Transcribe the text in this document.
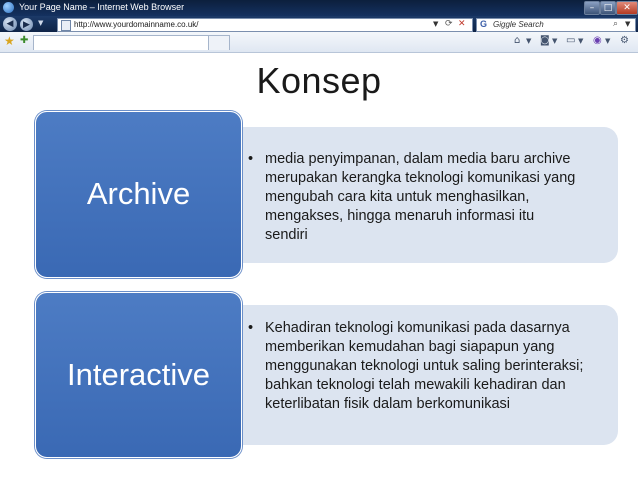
Your Page Name – Internet Web Browser	–	□	✕
◀	▶	▼	http://www.yourdomainname.co.uk/	▼ ⟳ ✕ G Giggle Search	⌕ ▼
★ ✚	⌂ ▼ ◙ ▼ ▭ ▼ ◉ ▼ ⚙
Konsep
Archive
Interactive
• media penyimpanan, dalam media baru archive merupakan kerangka teknologi komunikasi yang mengubah cara kita untuk menghasilkan, mengakses, hingga menaruh informasi itu sendiri
• Kehadiran teknologi komunikasi pada dasarnya memberikan kemudahan bagi siapapun yang menggunakan teknologi untuk saling berinteraksi; bahkan teknologi telah mewakili kehadiran dan keterlibatan fisik dalam berkomunikasi
